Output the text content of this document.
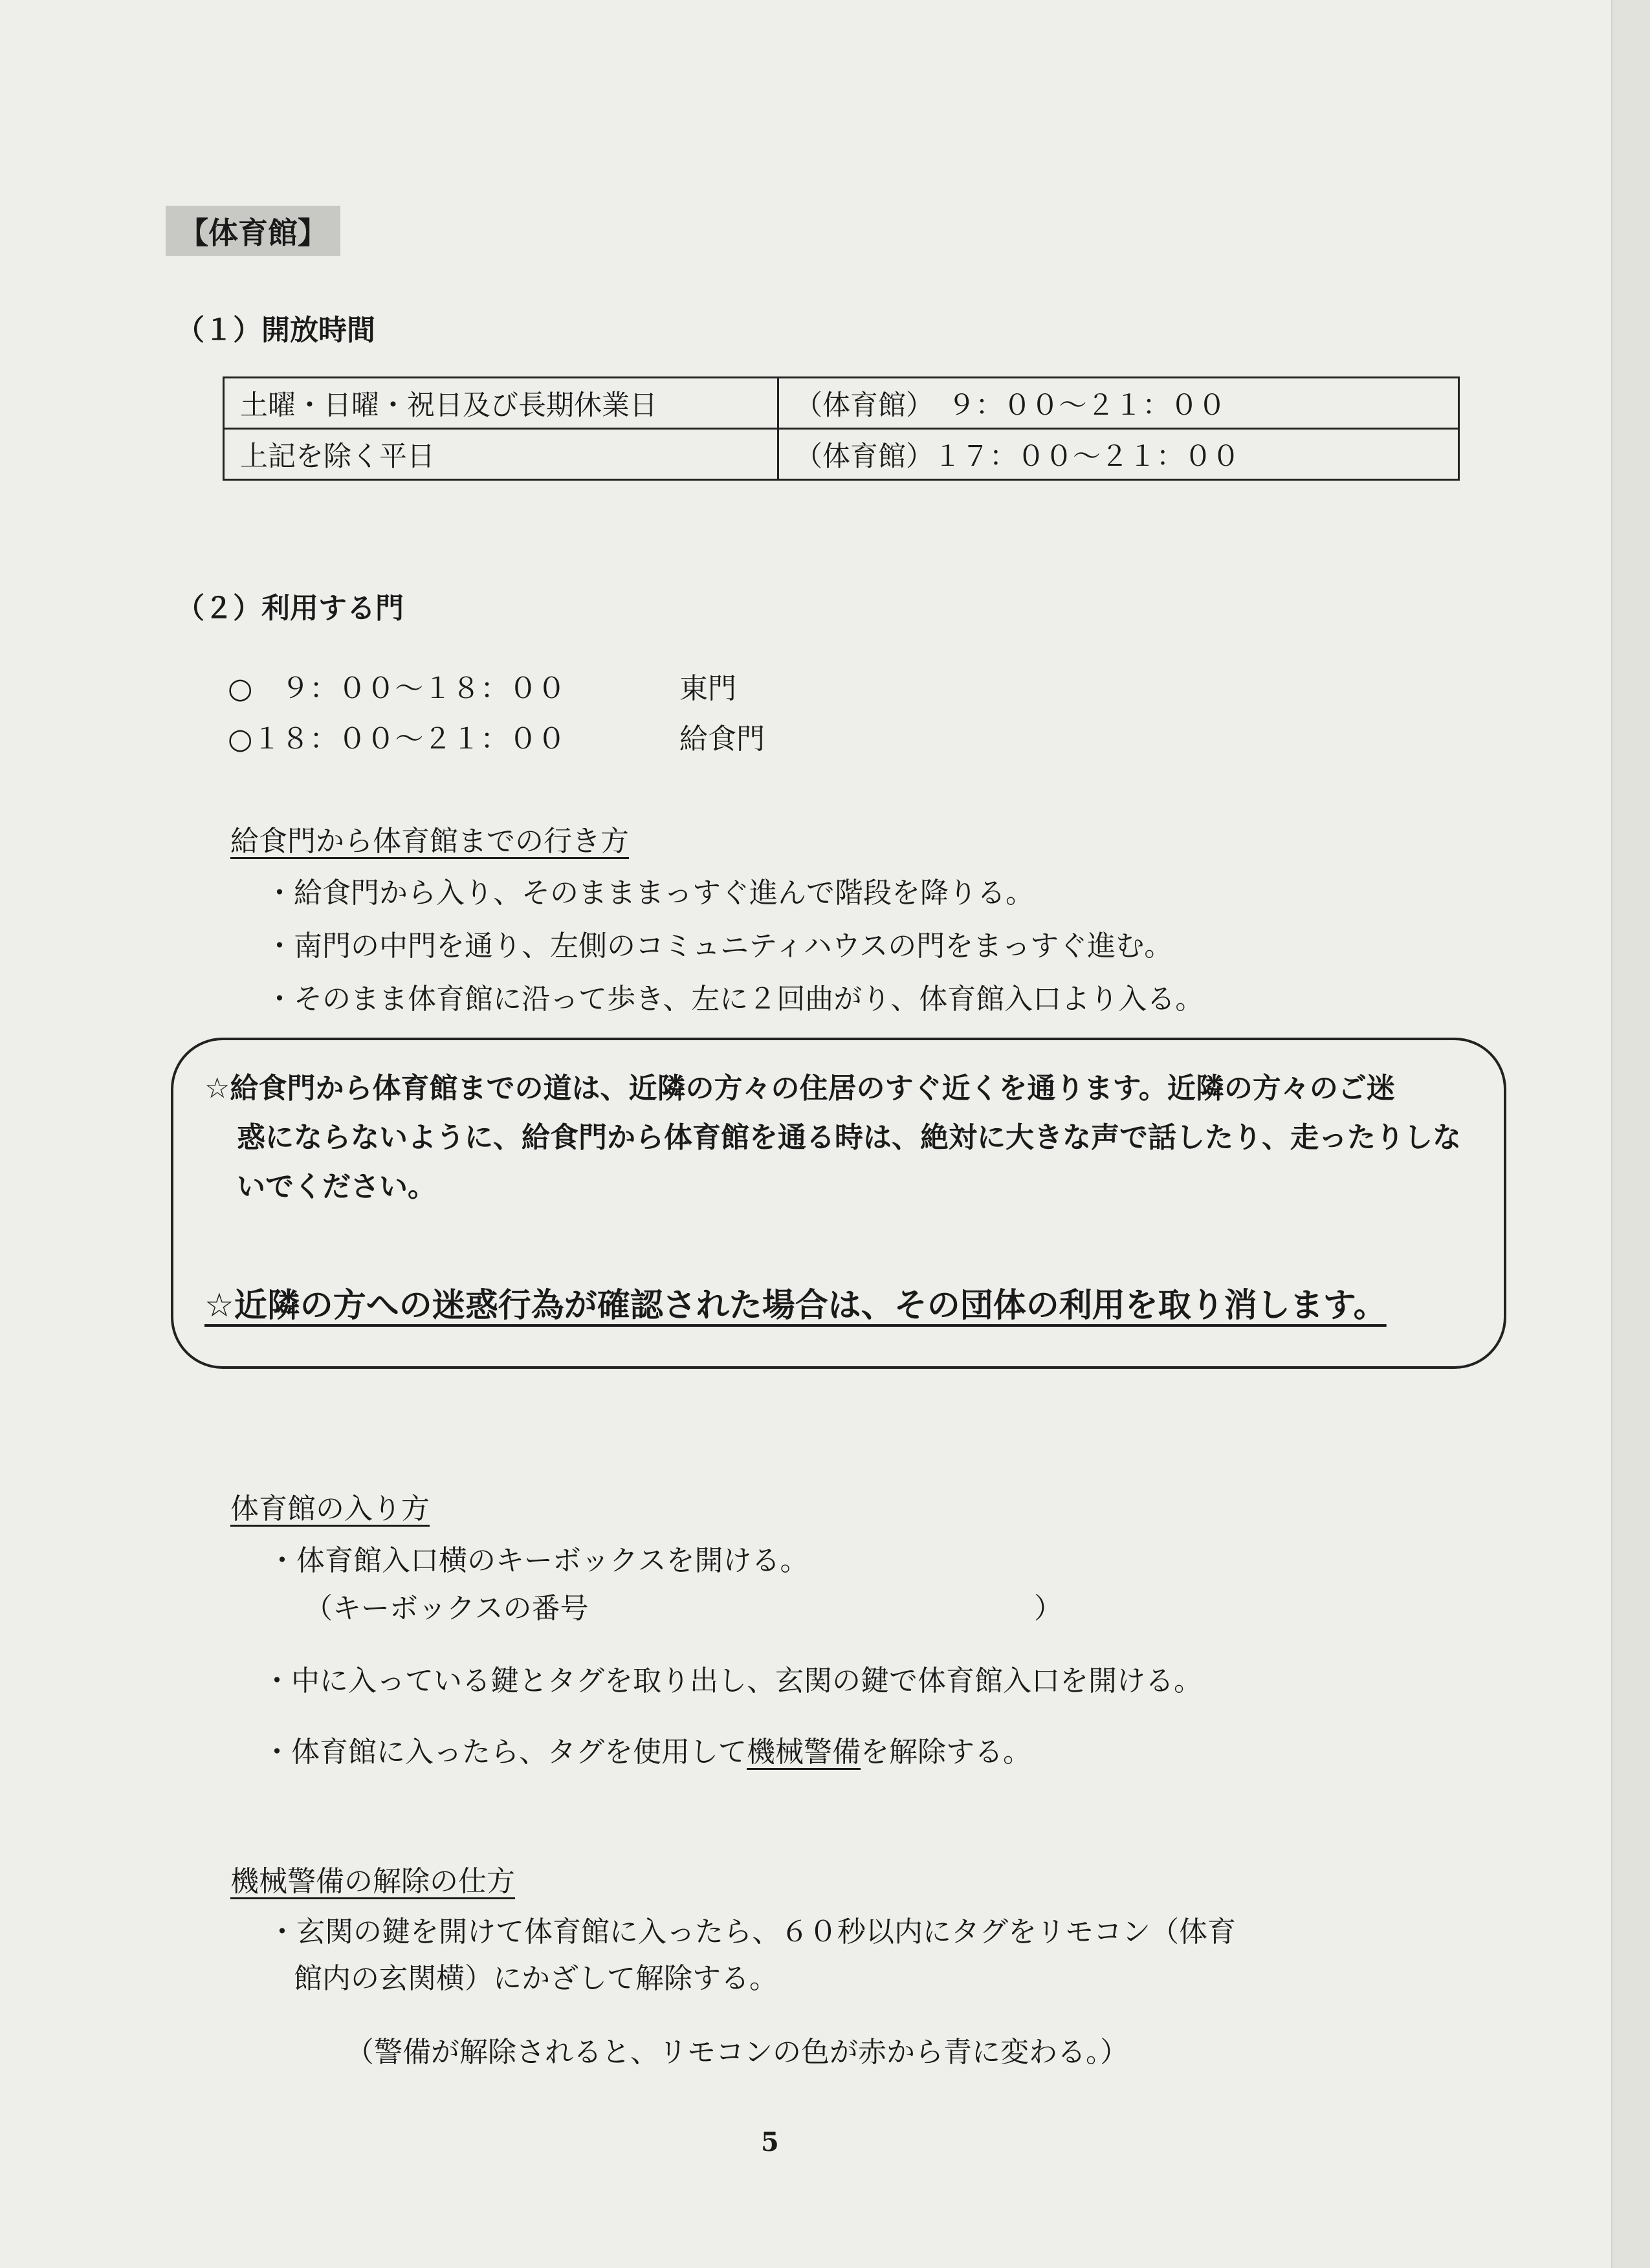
【体育館】
（１）開放時間
土曜・日曜・祝日及び長期休業日	（体育館）　９：００～２１：００
上記を除く平日	（体育館）１７：００～２１：００
（２）利用する門
○　９：００～１８：００	東門
○１８：００～２１：００	給食門
給食門から体育館までの行き方
・給食門から入り、そのまままっすぐ進んで階段を降りる。
・南門の中門を通り、左側のコミュニティハウスの門をまっすぐ進む。
・そのまま体育館に沿って歩き、左に２回曲がり、体育館入口より入る。
☆給食門から体育館までの道は、近隣の方々の住居のすぐ近くを通ります。近隣の方々のご迷
惑にならないように、給食門から体育館を通る時は、絶対に大きな声で話したり、走ったりしな
いでください。
☆近隣の方への迷惑行為が確認された場合は、その団体の利用を取り消します。
体育館の入り方
・体育館入口横のキーボックスを開ける。
（キーボックスの番号	）
・中に入っている鍵とタグを取り出し、玄関の鍵で体育館入口を開ける。
・体育館に入ったら、タグを使用して機械警備を解除する。
機械警備の解除の仕方
・玄関の鍵を開けて体育館に入ったら、６０秒以内にタグをリモコン（体育
館内の玄関横）にかざして解除する。
（警備が解除されると、リモコンの色が赤から青に変わる。）
5
